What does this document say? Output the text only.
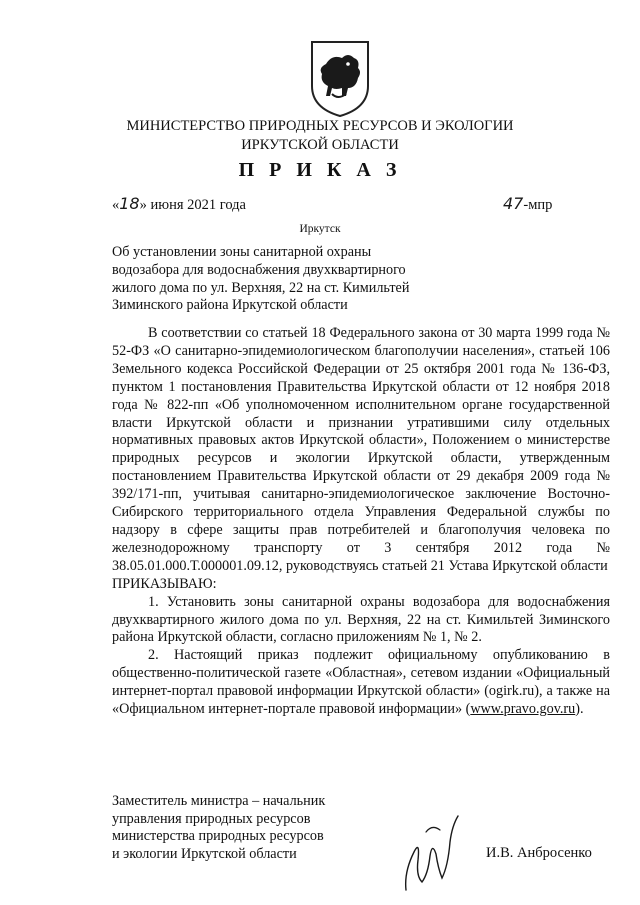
МИНИСТЕРСТВО ПРИРОДНЫХ РЕСУРСОВ И ЭКОЛОГИИ
ИРКУТСКОЙ ОБЛАСТИ
П Р И К А З
«18» июня 2021 года	47-мпр
Иркутск
Об установлении зоны санитарной охраны
водозабора для водоснабжения двухквартирного
жилого дома по ул. Верхняя, 22 на ст. Кимильтей
Зиминского района Иркутской области

В соответствии со статьей 18 Федерального закона от 30 марта 1999 года № 52-ФЗ «О санитарно-эпидемиологическом благополучии населения», статьей 106 Земельного кодекса Российской Федерации от 25 октября 2001 года № 136-ФЗ, пунктом 1 постановления Правительства Иркутской области от 12 ноября 2018 года № 822-пп «Об уполномоченном исполнительном органе государственной власти Иркутской области и признании утратившими силу отдельных нормативных правовых актов Иркутской области», Положением о министерстве природных ресурсов и экологии Иркутской области, утвержденным постановлением Правительства Иркутской области от 29 декабря 2009 года № 392/171-пп, учитывая санитарно-эпидемиологическое заключение Восточно-Сибирского территориального отдела Управления Федеральной службы по надзору в сфере защиты прав потребителей и благополучия человека по железнодорожному транспорту от 3 сентября 2012 года № 38.05.01.000.Т.000001.09.12, руководствуясь статьей 21 Устава Иркутской области

ПРИКАЗЫВАЮ:

1. Установить зоны санитарной охраны водозабора для водоснабжения двухквартирного жилого дома по ул. Верхняя, 22 на ст. Кимильтей Зиминского района Иркутской области, согласно приложениям № 1, № 2.

2. Настоящий приказ подлежит официальному опубликованию в общественно-политической газете «Областная», сетевом издании «Официальный интернет-портал правовой информации Иркутской области» (ogirk.ru), а также на «Официальном интернет-портале правовой информации» (www.pravo.gov.ru).

Заместитель министра – начальник
управления природных ресурсов
министерства природных ресурсов
и экологии Иркутской области	И.В. Анбросенко
